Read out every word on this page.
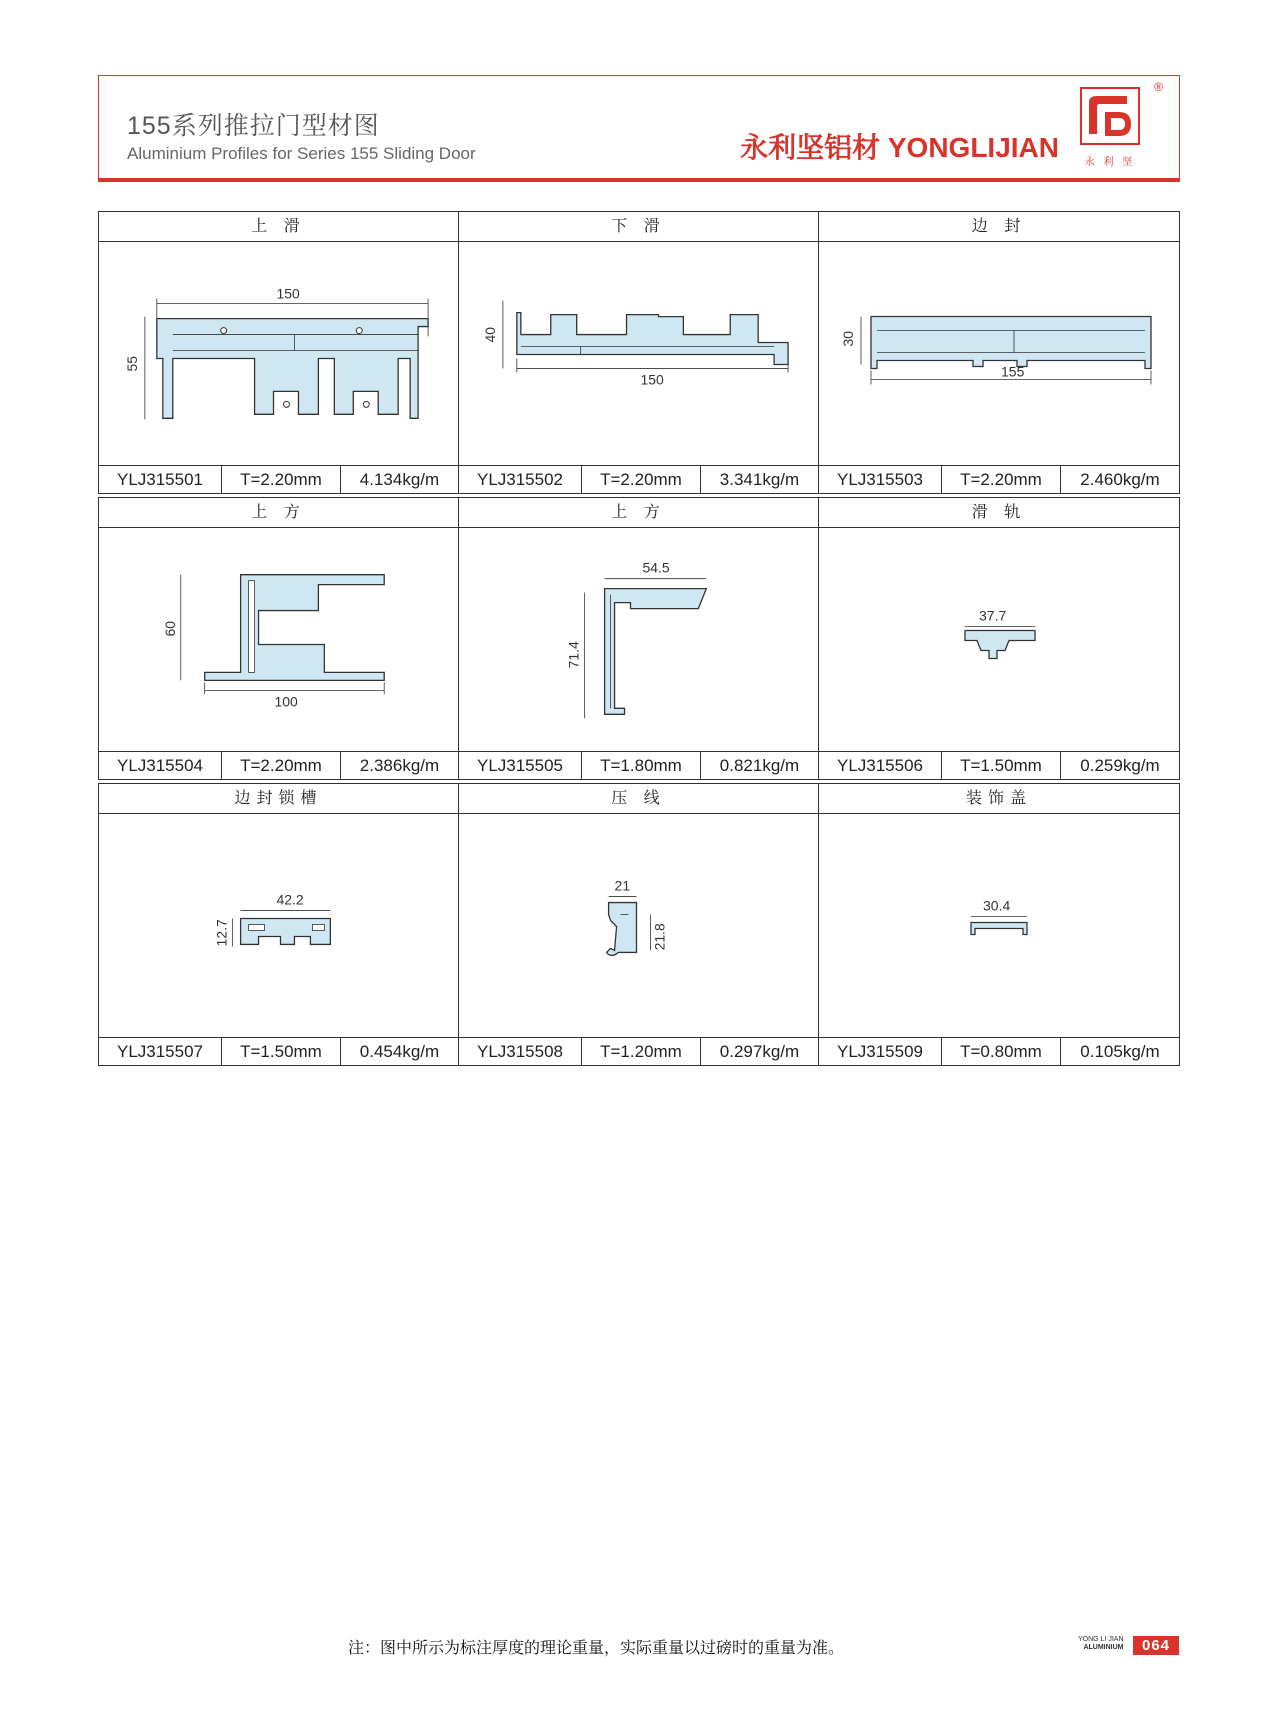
155系列推拉门型材图
Aluminium Profiles for Series 155 Sliding Door	永利坚铝材 YONGLIJIAN	永 利 坚
®
上 滑
150
55
YLJ315501	T=2.20mm	4.134kg/m
下 滑
40
150
YLJ315502	T=2.20mm	3.341kg/m
边 封
30
155
YLJ315503	T=2.20mm	2.460kg/m
上 方
60
100
YLJ315504	T=2.20mm	2.386kg/m
上 方
54.5
71.4
YLJ315505	T=1.80mm	0.821kg/m
滑 轨
37.7
YLJ315506	T=1.50mm	0.259kg/m
边封锁槽
42.2
12.7
YLJ315507	T=1.50mm	0.454kg/m
压 线
21
21.8
YLJ315508	T=1.20mm	0.297kg/m
装饰盖
30.4
YLJ315509	T=0.80mm	0.105kg/m
注：图中所示为标注厚度的理论重量，实际重量以过磅时的重量为准。
YONG LI JIAN
ALUMINIUM	064
